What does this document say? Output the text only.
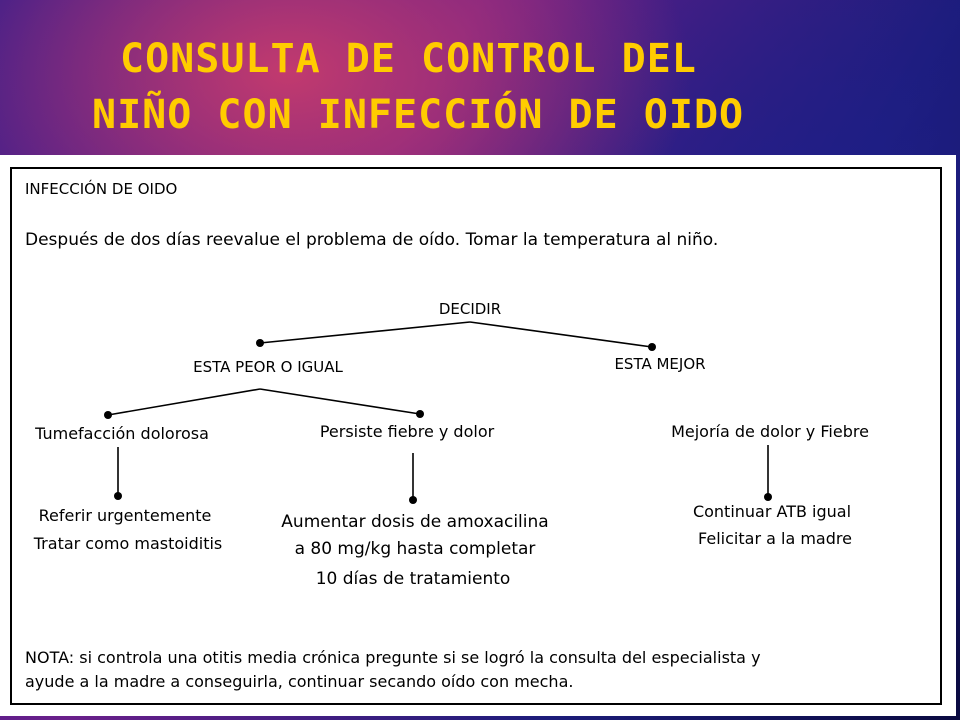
CONSULTA DE CONTROL DEL
NIÑO CON INFECCIÓN DE OIDO
INFECCIÓN DE OIDO
Después de dos días reevalue el problema de oído. Tomar la temperatura al niño.
DECIDIR
ESTA PEOR O IGUAL	ESTA MEJOR
Tumefacción dolorosa	Persiste fiebre y dolor	Mejoría de dolor y Fiebre
Referir urgentemente
Tratar como mastoiditis
Aumentar dosis de amoxacilina
a 80 mg/kg hasta completar
10 días de tratamiento
Continuar ATB igual
Felicitar a la madre
NOTA: si controla una otitis media crónica pregunte si se logró la consulta del especialista y
ayude a la madre a conseguirla, continuar secando oído con mecha.
